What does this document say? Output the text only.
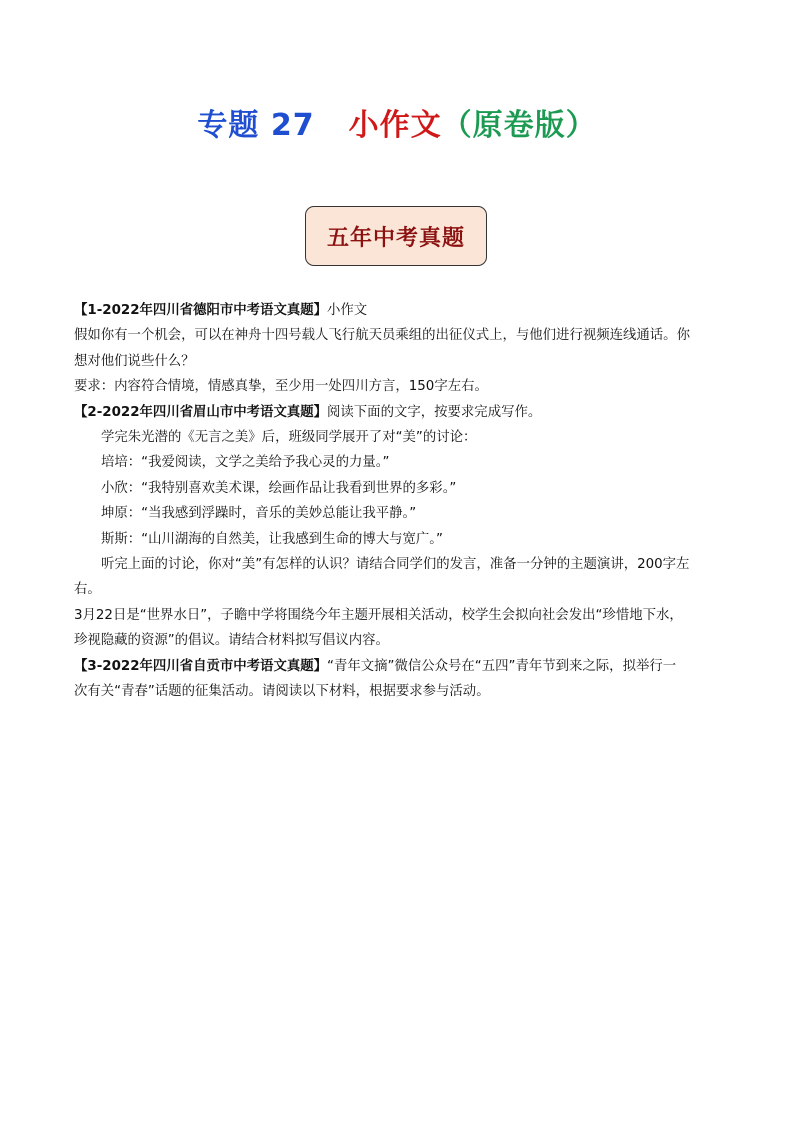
专题 27 小作文（原卷版）
五年中考真题

【1-2022年四川省德阳市中考语文真题】小作文

假如你有一个机会，可以在神舟十四号载人飞行航天员乘组的出征仪式上，与他们进行视频连线通话。你

想对他们说些什么？

要求：内容符合情境，情感真挚，至少用一处四川方言，150字左右。

【2-2022年四川省眉山市中考语文真题】阅读下面的文字，按要求完成写作。

学完朱光潜的《无言之美》后，班级同学展开了对“美”的讨论：

培培：“我爱阅读，文学之美给予我心灵的力量。”

小欣：“我特别喜欢美术课，绘画作品让我看到世界的多彩。”

坤原：“当我感到浮躁时，音乐的美妙总能让我平静。”

斯斯：“山川湖海的自然美，让我感到生命的博大与宽广。”

听完上面的讨论，你对“美”有怎样的认识？请结合同学们的发言，准备一分钟的主题演讲，200字左

右。

3月22日是“世界水日”，子瞻中学将围绕今年主题开展相关活动，校学生会拟向社会发出“珍惜地下水，

珍视隐藏的资源”的倡议。请结合材料拟写倡议内容。

【3-2022年四川省自贡市中考语文真题】“青年文摘”微信公众号在“五四”青年节到来之际，拟举行一

次有关“青春”话题的征集活动。请阅读以下材料，根据要求参与活动。
